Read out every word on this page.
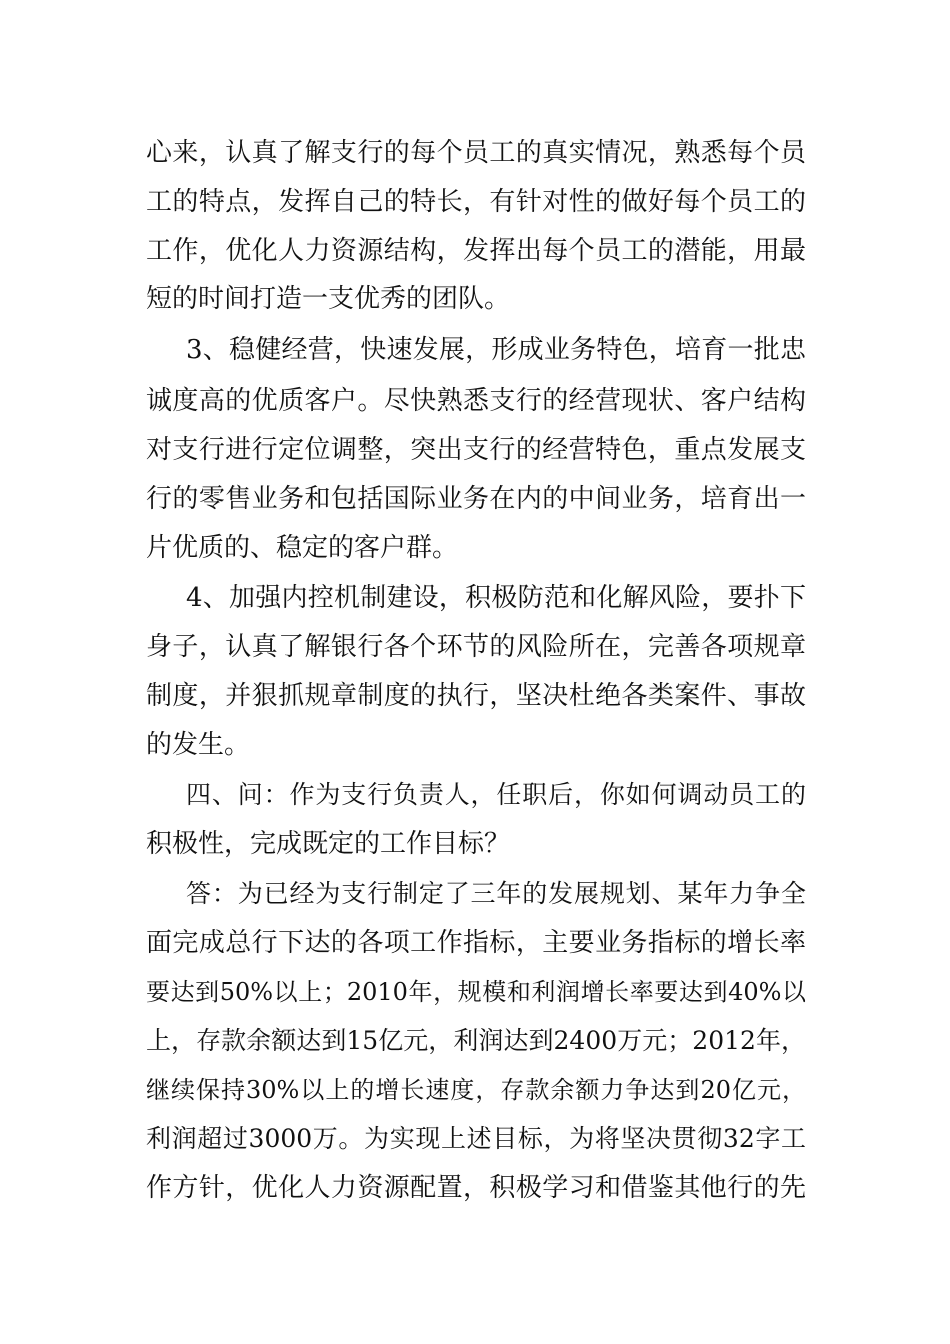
心来，认真了解支行的每个员工的真实情况，熟悉每个员
工的特点，发挥自己的特长，有针对性的做好每个员工的
工作，优化人力资源结构，发挥出每个员工的潜能，用最
短的时间打造一支优秀的团队。
3、稳健经营，快速发展，形成业务特色，培育一批忠
诚度高的优质客户。尽快熟悉支行的经营现状、客户结构
对支行进行定位调整，突出支行的经营特色，重点发展支
行的零售业务和包括国际业务在内的中间业务，培育出一
片优质的、稳定的客户群。
4、加强内控机制建设，积极防范和化解风险，要扑下
身子，认真了解银行各个环节的风险所在，完善各项规章
制度，并狠抓规章制度的执行，坚决杜绝各类案件、事故
的发生。
四、问：作为支行负责人，任职后，你如何调动员工的
积极性，完成既定的工作目标？
答：为已经为支行制定了三年的发展规划、某年力争全
面完成总行下达的各项工作指标，主要业务指标的增长率
要达到50%以上；2010年，规模和利润增长率要达到40%以
上，存款余额达到15亿元，利润达到2400万元；2012年，
继续保持30%以上的增长速度，存款余额力争达到20亿元，
利润超过3000万。为实现上述目标，为将坚决贯彻32字工
作方针，优化人力资源配置，积极学习和借鉴其他行的先
